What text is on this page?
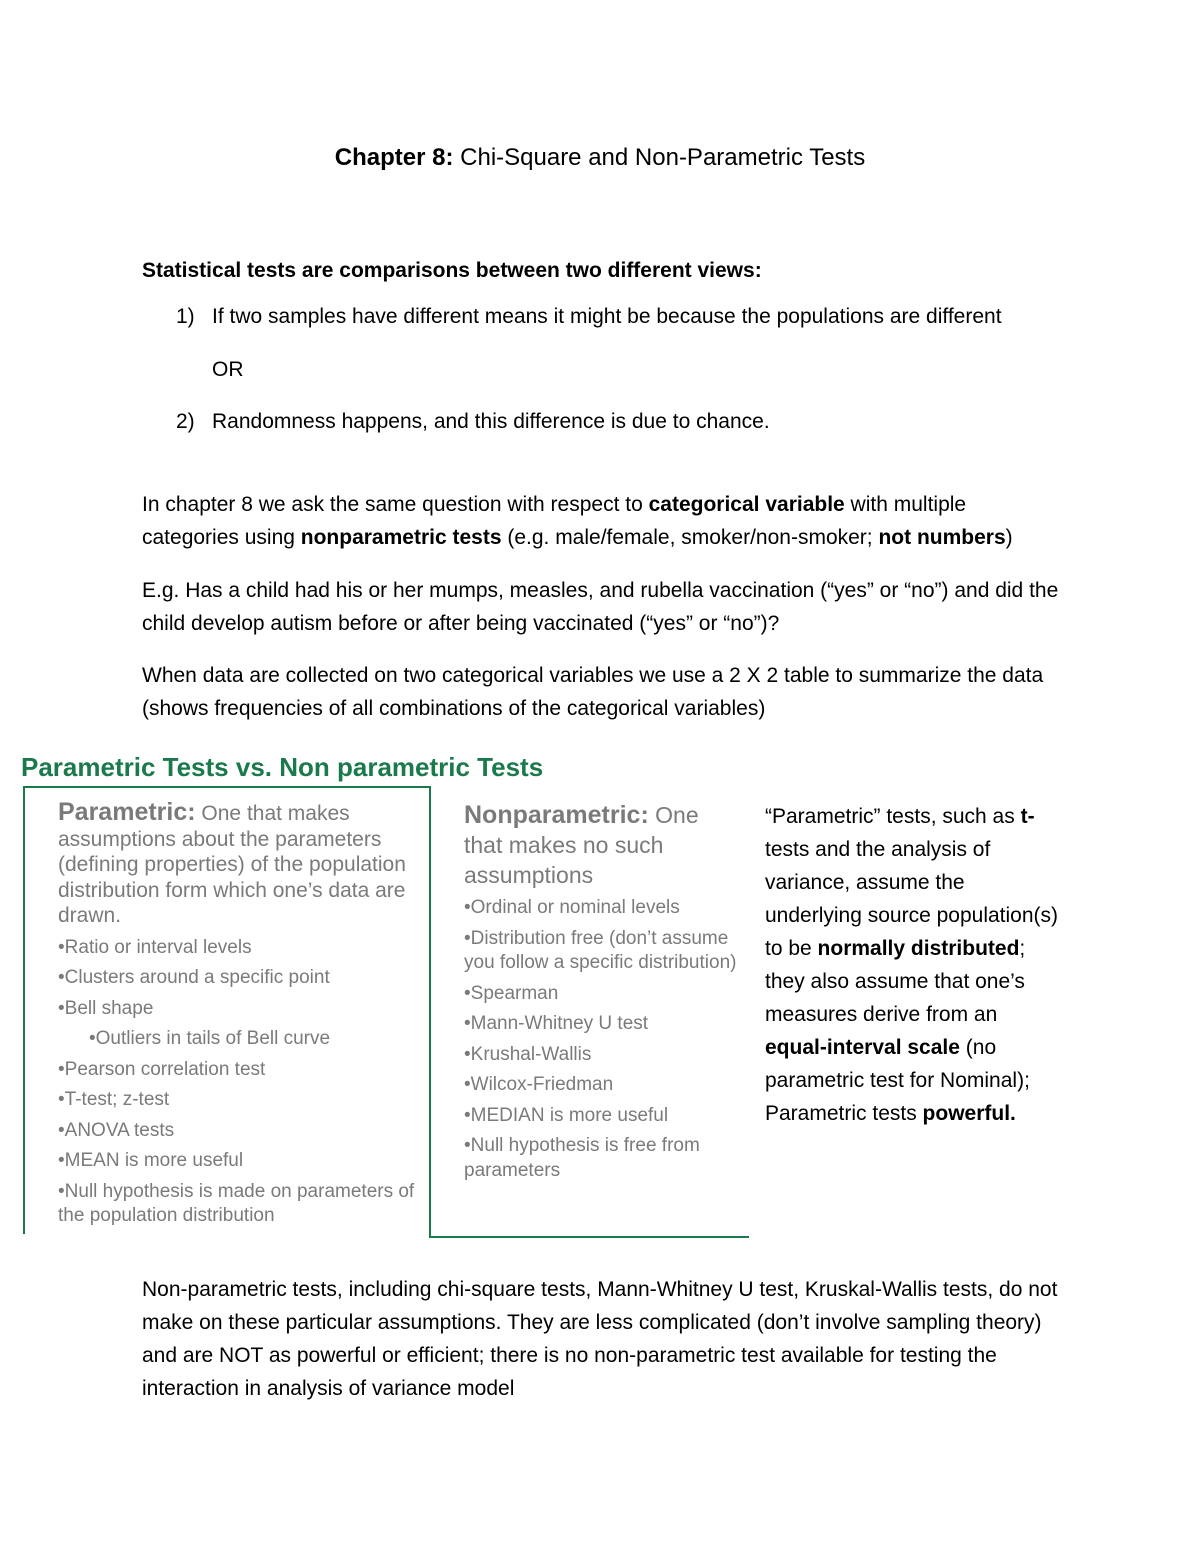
Chapter 8: Chi-Square and Non-Parametric Tests
Statistical tests are comparisons between two different views:
1) If two samples have different means it might be because the populations are different
OR
2) Randomness happens, and this difference is due to chance.
In chapter 8 we ask the same question with respect to categorical variable with multiple categories using nonparametric tests (e.g. male/female, smoker/non-smoker; not numbers)
E.g. Has a child had his or her mumps, measles, and rubella vaccination (“yes” or “no”) and did the child develop autism before or after being vaccinated (“yes” or “no”)?
When data are collected on two categorical variables we use a 2 X 2 table to summarize the data (shows frequencies of all combinations of the categorical variables)
Parametric Tests vs. Non parametric Tests
Parametric: One that makes assumptions about the parameters (defining properties) of the population distribution form which one’s data are drawn.
•Ratio or interval levels
•Clusters around a specific point
•Bell shape
•Outliers in tails of Bell curve
•Pearson correlation test
•T-test; z-test
•ANOVA tests
•MEAN is more useful
•Null hypothesis is made on parameters of the population distribution
Nonparametric: One that makes no such assumptions
•Ordinal or nominal levels
•Distribution free (don’t assume you follow a specific distribution)
•Spearman
•Mann-Whitney U test
•Krushal-Wallis
•Wilcox-Friedman
•MEDIAN is more useful
•Null hypothesis is free from parameters
“Parametric” tests, such as t- tests and the analysis of variance, assume the underlying source population(s) to be normally distributed; they also assume that one’s measures derive from an equal-interval scale (no parametric test for Nominal); Parametric tests powerful.
Non-parametric tests, including chi-square tests, Mann-Whitney U test, Kruskal-Wallis tests, do not make on these particular assumptions. They are less complicated (don’t involve sampling theory) and are NOT as powerful or efficient; there is no non-parametric test available for testing the interaction in analysis of variance model
